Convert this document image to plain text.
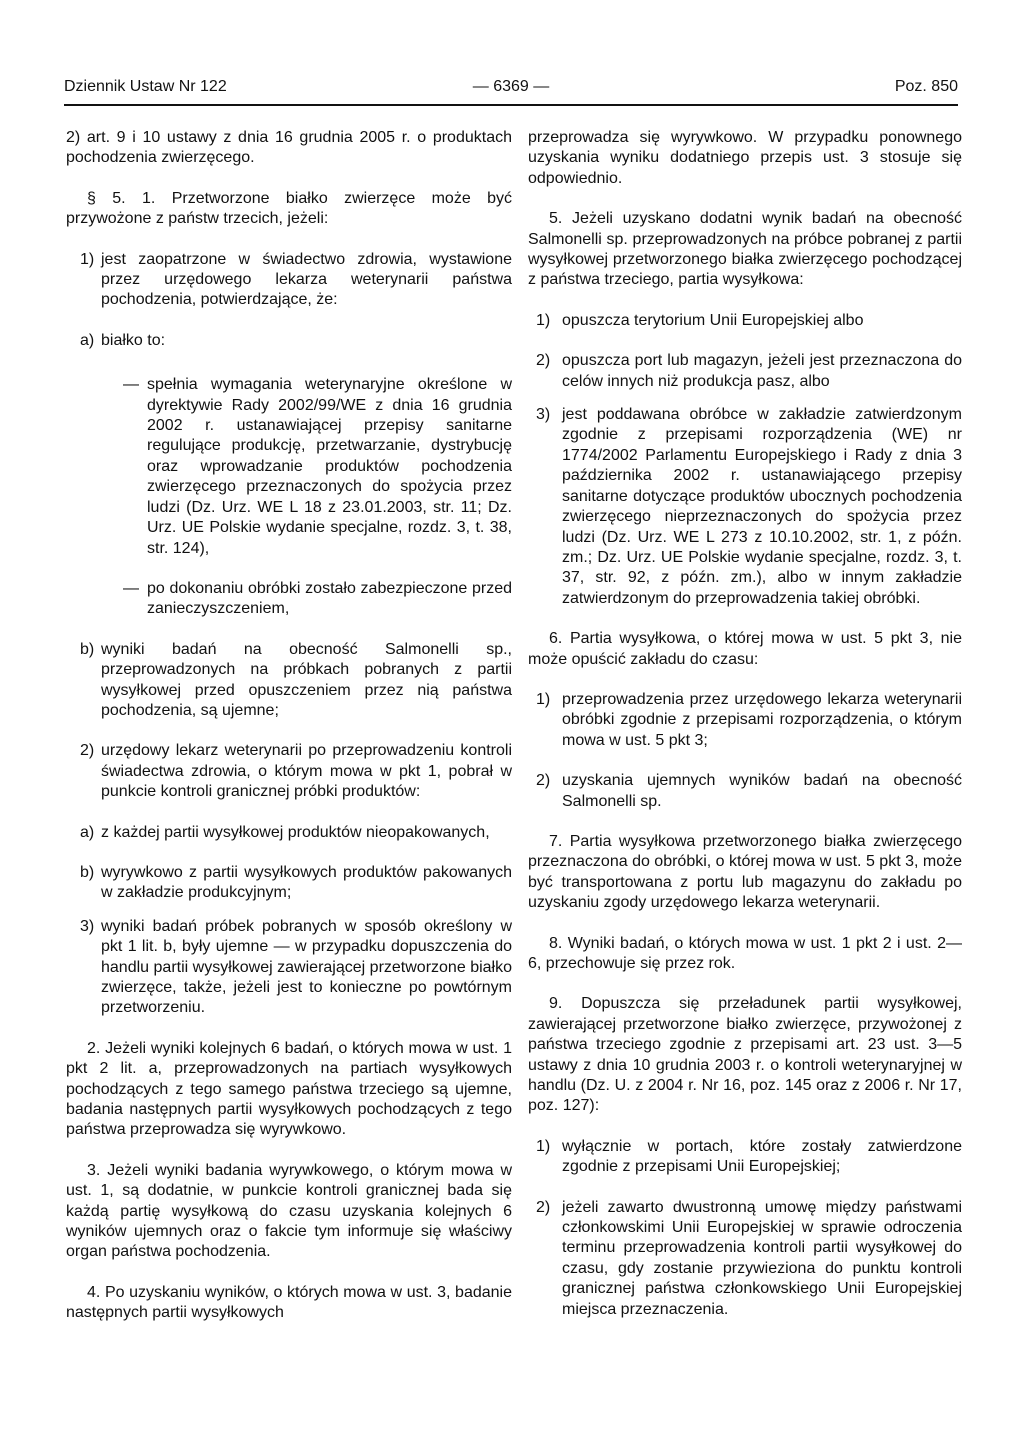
Dziennik Ustaw Nr 122	— 6369 —	Poz. 850

2) art. 9 i 10 ustawy z dnia 16 grudnia 2005 r. o produktach pochodzenia zwierzęcego.

§ 5. 1. Przetworzone białko zwierzęce może być przywożone z państw trzecich, jeżeli:

1) jest zaopatrzone w świadectwo zdrowia, wystawione przez urzędowego lekarza weterynarii państwa pochodzenia, potwierdzające, że:
a) białko to:
— spełnia wymagania weterynaryjne określone w dyrektywie Rady 2002/99/WE z dnia 16 grudnia 2002 r. ustanawiającej przepisy sanitarne regulujące produkcję, przetwarzanie, dystrybucję oraz wprowadzanie produktów pochodzenia zwierzęcego przeznaczonych do spożycia przez ludzi (Dz. Urz. WE L 18 z 23.01.2003, str. 11; Dz. Urz. UE Polskie wydanie specjalne, rozdz. 3, t. 38, str. 124),
— po dokonaniu obróbki zostało zabezpieczone przed zanieczyszczeniem,
b) wyniki badań na obecność Salmonelli sp., przeprowadzonych na próbkach pobranych z partii wysyłkowej przed opuszczeniem przez nią państwa pochodzenia, są ujemne;
2) urzędowy lekarz weterynarii po przeprowadzeniu kontroli świadectwa zdrowia, o którym mowa w pkt 1, pobrał w punkcie kontroli granicznej próbki produktów:
a) z każdej partii wysyłkowej produktów nieopakowanych,
b) wyrywkowo z partii wysyłkowych produktów pakowanych w zakładzie produkcyjnym;
3) wyniki badań próbek pobranych w sposób określony w pkt 1 lit. b, były ujemne — w przypadku dopuszczenia do handlu partii wysyłkowej zawierającej przetworzone białko zwierzęce, także, jeżeli jest to konieczne po powtórnym przetworzeniu.

2. Jeżeli wyniki kolejnych 6 badań, o których mowa w ust. 1 pkt 2 lit. a, przeprowadzonych na partiach wysyłkowych pochodzących z tego samego państwa trzeciego są ujemne, badania następnych partii wysyłkowych pochodzących z tego państwa przeprowadza się wyrywkowo.

3. Jeżeli wyniki badania wyrywkowego, o którym mowa w ust. 1, są dodatnie, w punkcie kontroli granicznej bada się każdą partię wysyłkową do czasu uzyskania kolejnych 6 wyników ujemnych oraz o fakcie tym informuje się właściwy organ państwa pochodzenia.

4. Po uzyskaniu wyników, o których mowa w ust. 3, badanie następnych partii wysyłkowych

przeprowadza się wyrywkowo. W przypadku ponownego uzyskania wyniku dodatniego przepis ust. 3 stosuje się odpowiednio.

5. Jeżeli uzyskano dodatni wynik badań na obecność Salmonelli sp. przeprowadzonych na próbce pobranej z partii wysyłkowej przetworzonego białka zwierzęcego pochodzącej z państwa trzeciego, partia wysyłkowa:

1) opuszcza terytorium Unii Europejskiej albo
2) opuszcza port lub magazyn, jeżeli jest przeznaczona do celów innych niż produkcja pasz, albo
3) jest poddawana obróbce w zakładzie zatwierdzonym zgodnie z przepisami rozporządzenia (WE) nr 1774/2002 Parlamentu Europejskiego i Rady z dnia 3 października 2002 r. ustanawiającego przepisy sanitarne dotyczące produktów ubocznych pochodzenia zwierzęcego nieprzeznaczonych do spożycia przez ludzi (Dz. Urz. WE L 273 z 10.10.2002, str. 1, z późn. zm.; Dz. Urz. UE Polskie wydanie specjalne, rozdz. 3, t. 37, str. 92, z późn. zm.), albo w innym zakładzie zatwierdzonym do przeprowadzenia takiej obróbki.

6. Partia wysyłkowa, o której mowa w ust. 5 pkt 3, nie może opuścić zakładu do czasu:

1) przeprowadzenia przez urzędowego lekarza weterynarii obróbki zgodnie z przepisami rozporządzenia, o którym mowa w ust. 5 pkt 3;
2) uzyskania ujemnych wyników badań na obecność Salmonelli sp.

7. Partia wysyłkowa przetworzonego białka zwierzęcego przeznaczona do obróbki, o której mowa w ust. 5 pkt 3, może być transportowana z portu lub magazynu do zakładu po uzyskaniu zgody urzędowego lekarza weterynarii.

8. Wyniki badań, o których mowa w ust. 1 pkt 2 i ust. 2—6, przechowuje się przez rok.

9. Dopuszcza się przeładunek partii wysyłkowej, zawierającej przetworzone białko zwierzęce, przywożonej z państwa trzeciego zgodnie z przepisami art. 23 ust. 3—5 ustawy z dnia 10 grudnia 2003 r. o kontroli weterynaryjnej w handlu (Dz. U. z 2004 r. Nr 16, poz. 145 oraz z 2006 r. Nr 17, poz. 127):

1) wyłącznie w portach, które zostały zatwierdzone zgodnie z przepisami Unii Europejskiej;
2) jeżeli zawarto dwustronną umowę między państwami członkowskimi Unii Europejskiej w sprawie odroczenia terminu przeprowadzenia kontroli partii wysyłkowej do czasu, gdy zostanie przywieziona do punktu kontroli granicznej państwa członkowskiego Unii Europejskiej miejsca przeznaczenia.
